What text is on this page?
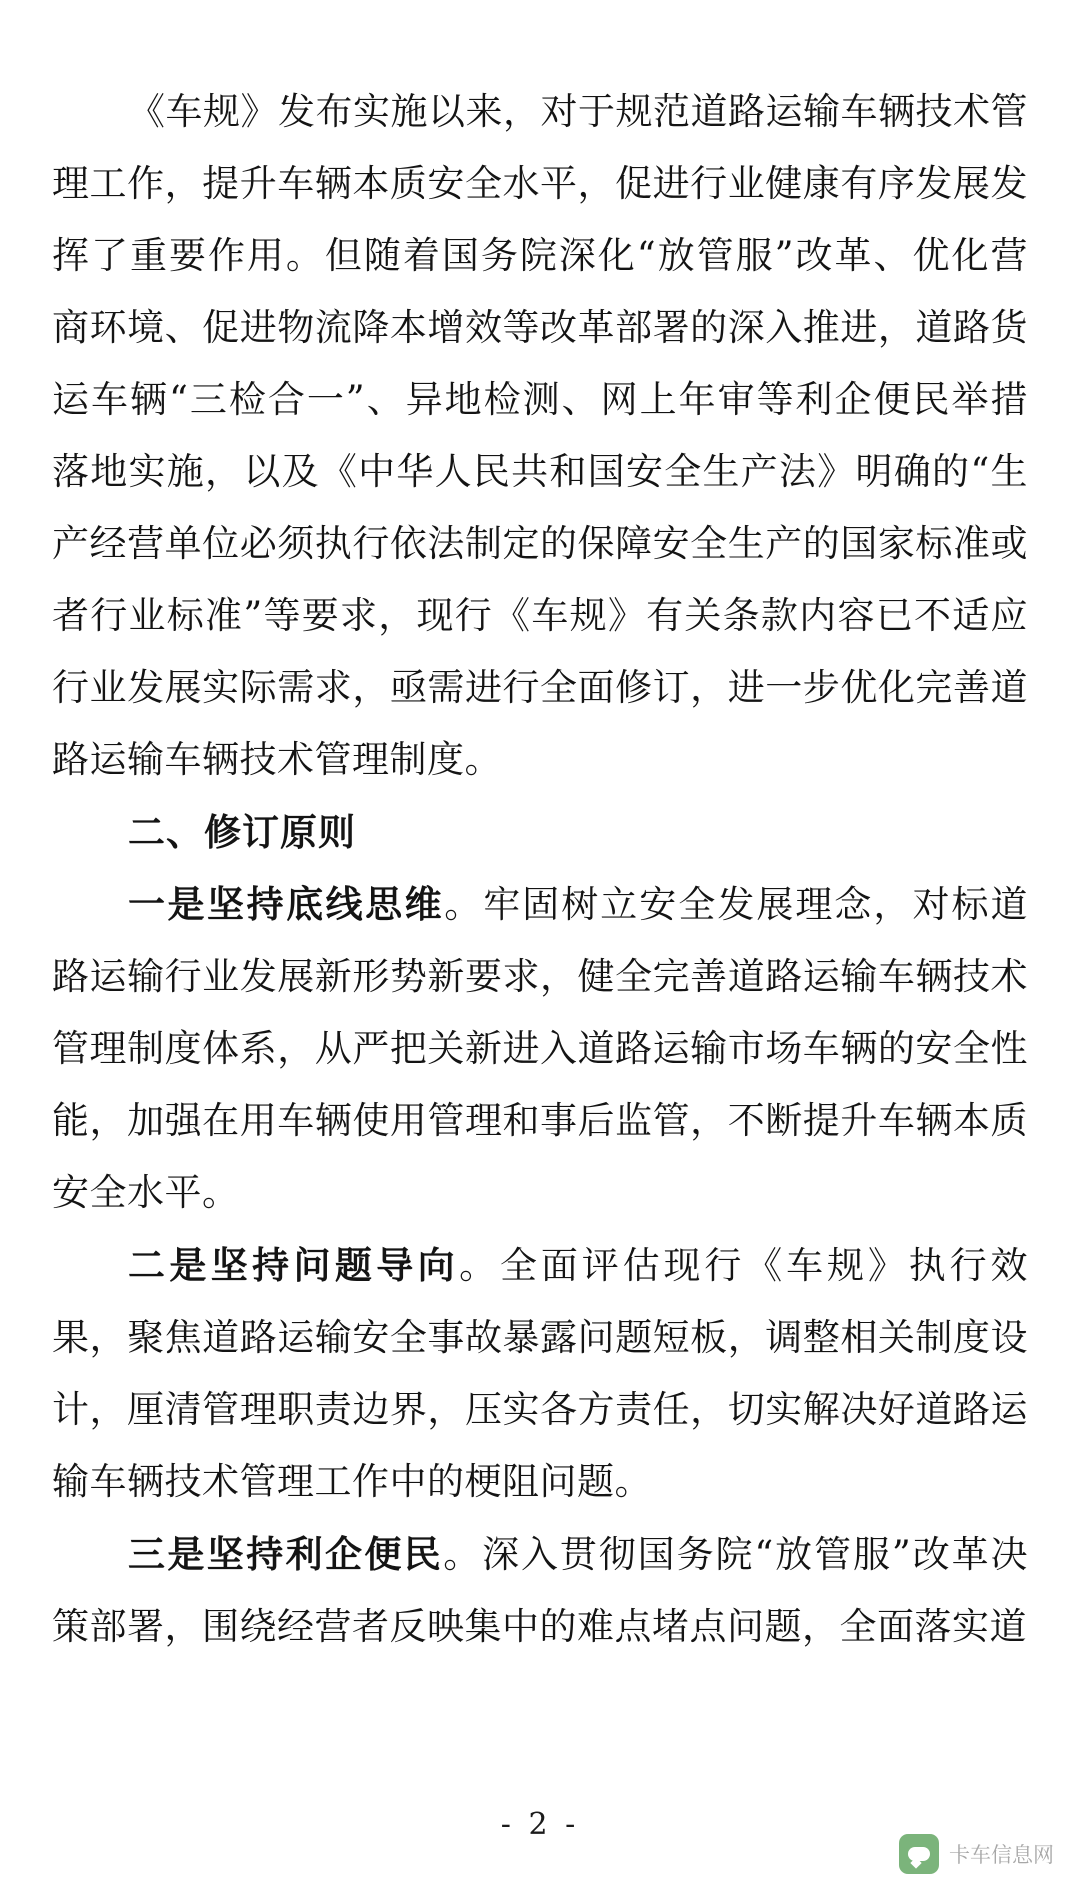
《车规》发布实施以来，对于规范道路运输车辆技术管理工作，提升车辆本质安全水平，促进行业健康有序发展发挥了重要作用。但随着国务院深化“放管服”改革、优化营商环境、促进物流降本增效等改革部署的深入推进，道路货运车辆“三检合一”、异地检测、网上年审等利企便民举措落地实施，以及《中华人民共和国安全生产法》明确的“生产经营单位必须执行依法制定的保障安全生产的国家标准或者行业标准”等要求，现行《车规》有关条款内容已不适应行业发展实际需求，亟需进行全面修订，进一步优化完善道路运输车辆技术管理制度。

二、修订原则

一是坚持底线思维。牢固树立安全发展理念，对标道路运输行业发展新形势新要求，健全完善道路运输车辆技术管理制度体系，从严把关新进入道路运输市场车辆的安全性能，加强在用车辆使用管理和事后监管，不断提升车辆本质安全水平。

二是坚持问题导向。全面评估现行《车规》执行效果，聚焦道路运输安全事故暴露问题短板，调整相关制度设计，厘清管理职责边界，压实各方责任，切实解决好道路运输车辆技术管理工作中的梗阻问题。

三是坚持利企便民。深入贯彻国务院“放管服”改革决策部署，围绕经营者反映集中的难点堵点问题，全面落实道

- 2 -
卡车信息网
